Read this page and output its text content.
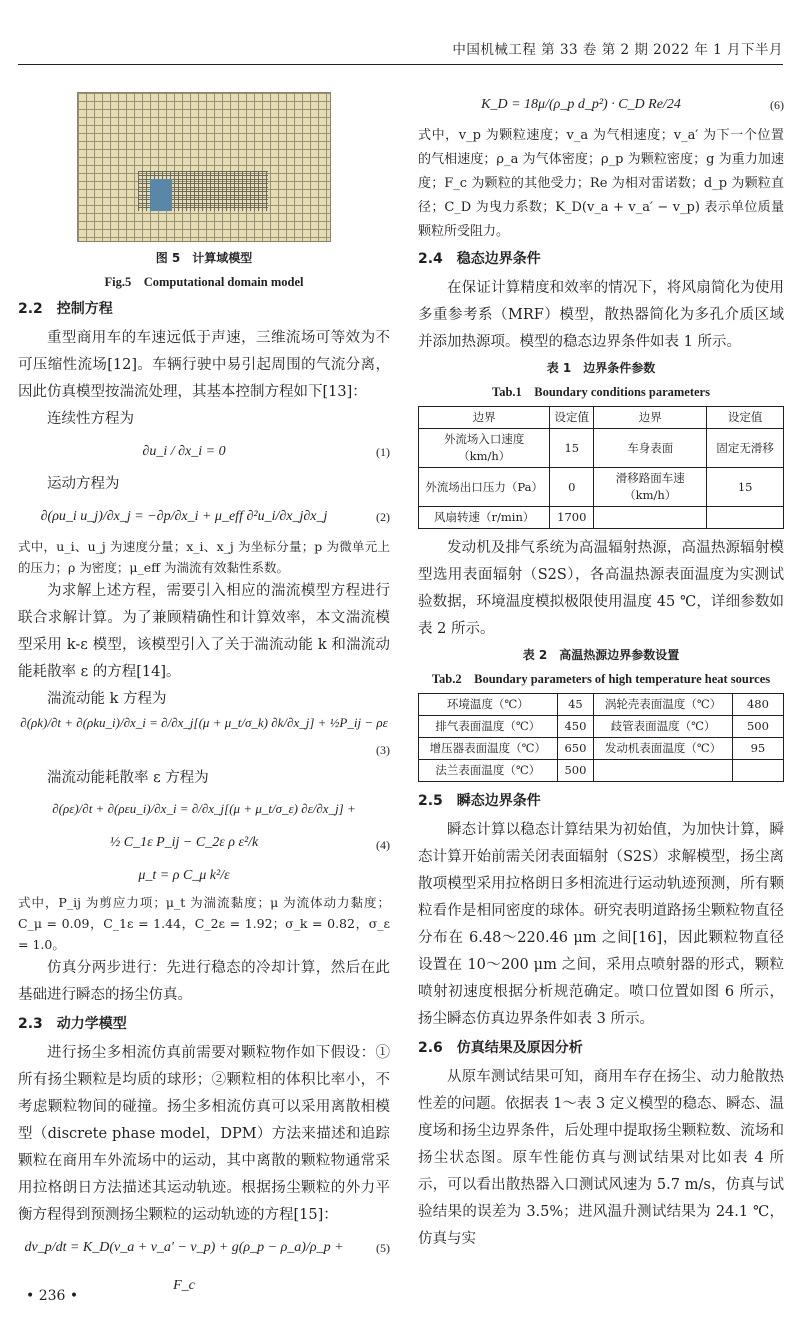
中国机械工程 第 33 卷 第 2 期 2022 年 1 月下半月
图 5　计算域模型
Fig.5　Computational domain model
2.2　控制方程

重型商用车的车速远低于声速，三维流场可等效为不可压缩性流场[12]。车辆行驶中易引起周围的气流分离，因此仿真模型按湍流处理，其基本控制方程如下[13]：

连续性方程为

∂u_i / ∂x_i = 0	(1)

运动方程为

∂(ρu_i u_j)/∂x_j = −∂p/∂x_i + μ_eff ∂²u_i/∂x_j∂x_j	(2)
式中，u_i、u_j 为速度分量；x_i、x_j 为坐标分量；p 为微单元上的压力；ρ 为密度；μ_eff 为湍流有效黏性系数。

为求解上述方程，需要引入相应的湍流模型方程进行联合求解计算。为了兼顾精确性和计算效率，本文湍流模型采用 k-ε 模型，该模型引入了关于湍流动能 k 和湍流动能耗散率 ε 的方程[14]。

湍流动能 k 方程为

∂(ρk)/∂t + ∂(ρku_i)/∂x_i = ∂/∂x_j[(μ + μ_t/σ_k) ∂k/∂x_j] + ½P_ij − ρε
(3)

湍流动能耗散率 ε 方程为

∂(ρε)/∂t + ∂(ρεu_i)/∂x_i = ∂/∂x_j[(μ + μ_t/σ_ε) ∂ε/∂x_j] +
½ C_1ε P_ij − C_2ε ρ ε²/k
μ_t = ρ C_μ k²/ε
(4)
式中，P_ij 为剪应力项；μ_t 为湍流黏度；μ 为流体动力黏度；C_μ = 0.09，C_1ε = 1.44，C_2ε = 1.92；σ_k = 0.82，σ_ε = 1.0。

仿真分两步进行：先进行稳态的冷却计算，然后在此基础进行瞬态的扬尘仿真。

2.3　动力学模型

进行扬尘多相流仿真前需要对颗粒物作如下假设：①所有扬尘颗粒是均质的球形；②颗粒相的体积比率小，不考虑颗粒物间的碰撞。扬尘多相流仿真可以采用离散相模型（discrete phase model，DPM）方法来描述和追踪颗粒在商用车外流场中的运动，其中离散的颗粒物通常采用拉格朗日方法描述其运动轨迹。根据扬尘颗粒的外力平衡方程得到预测扬尘颗粒的运动轨迹的方程[15]：

dv_p/dt = K_D(v_a + v_a′ − v_p) + g(ρ_p − ρ_a)/ρ_p + F_c
(5)
K_D = 18μ/(ρ_p d_p²) · C_D Re/24	(6)
式中，v_p 为颗粒速度；v_a 为气相速度；v_a′ 为下一个位置的气相速度；ρ_a 为气体密度；ρ_p 为颗粒密度；g 为重力加速度；F_c 为颗粒的其他受力；Re 为相对雷诺数；d_p 为颗粒直径；C_D 为曳力系数；K_D(v_a + v_a′ − v_p) 表示单位质量颗粒所受阻力。
2.4　稳态边界条件

在保证计算精度和效率的情况下，将风扇简化为使用多重参考系（MRF）模型，散热器简化为多孔介质区域并添加热源项。模型的稳态边界条件如表 1 所示。

表 1　边界条件参数
Tab.1　Boundary conditions parameters
边界	设定值	边界	设定值
外流场入口速度（km/h）	15	车身表面	固定无滑移
外流场出口压力（Pa）	0	滑移路面车速（km/h）	15
风扇转速（r/min）	1700		

发动机及排气系统为高温辐射热源，高温热源辐射模型选用表面辐射（S2S），各高温热源表面温度为实测试验数据，环境温度模拟极限使用温度 45 ℃，详细参数如表 2 所示。

表 2　高温热源边界参数设置
Tab.2　Boundary parameters of high temperature heat sources
环境温度（℃）	45	涡轮壳表面温度（℃）	480
排气表面温度（℃）	450	歧管表面温度（℃）	500
增压器表面温度（℃）	650	发动机表面温度（℃）	95
法兰表面温度（℃）	500		
2.5　瞬态边界条件

瞬态计算以稳态计算结果为初始值，为加快计算，瞬态计算开始前需关闭表面辐射（S2S）求解模型，扬尘离散项模型采用拉格朗日多相流进行运动轨迹预测，所有颗粒看作是相同密度的球体。研究表明道路扬尘颗粒物直径分布在 6.48～220.46 μm 之间[16]，因此颗粒物直径设置在 10～200 μm 之间，采用点喷射器的形式，颗粒喷射初速度根据分析规范确定。喷口位置如图 6 所示，扬尘瞬态仿真边界条件如表 3 所示。

2.6　仿真结果及原因分析

从原车测试结果可知，商用车存在扬尘、动力舱散热性差的问题。依据表 1～表 3 定义模型的稳态、瞬态、温度场和扬尘边界条件，后处理中提取扬尘颗粒数、流场和扬尘状态图。原车性能仿真与测试结果对比如表 4 所示，可以看出散热器入口测试风速为 5.7 m/s，仿真与试验结果的误差为 3.5%；进风温升测试结果为 24.1 ℃，仿真与实

• 236 •
